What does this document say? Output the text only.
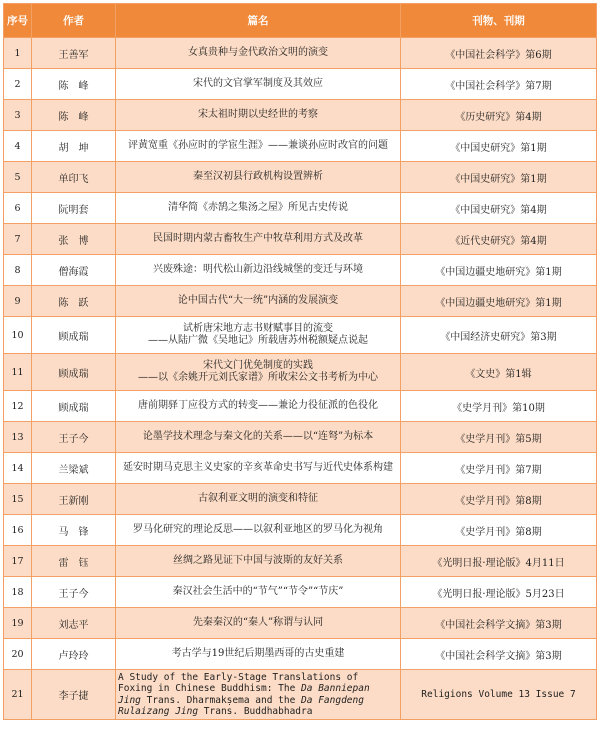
序号	作者	篇名	刊物、刊期
1	王善军	女真贵种与金代政治文明的演变	《中国社会科学》第6期
2	陈　峰	宋代的文官掌军制度及其效应	《中国社会科学》第7期
3	陈　峰	宋太祖时期以史经世的考察	《历史研究》第4期
4	胡　坤	评黄宽重《孙应时的学宦生涯》——兼谈孙应时改官的问题	《中国史研究》第1期
5	单印飞	秦至汉初县行政机构设置辨析	《中国史研究》第1期
6	阮明套	清华简《赤鹄之集汤之屋》所见古史传说	《中国史研究》第4期
7	张　博	民国时期内蒙古畜牧生产中牧草利用方式及改革	《近代史研究》第4期
8	僧海霞	兴废殊途：明代松山新边沿线城堡的变迁与环境	《中国边疆史地研究》第1期
9	陈　跃	论中国古代“大一统”内涵的发展演变	《中国边疆史地研究》第1期
10	顾成瑞	试析唐宋地方志书财赋事目的流变
——从陆广微《吴地记》所载唐苏州税额疑点说起	《中国经济史研究》第3期
11	顾成瑞	宋代文门优免制度的实践
——以《余姚开元刘氏家谱》所收宋公文书考析为中心	《文史》第1辑
12	顾成瑞	唐前期驿丁应役方式的转变——兼论力役征派的色役化	《史学月刊》第10期
13	王子今	论墨学技术理念与秦文化的关系——以“连弩”为标本	《史学月刊》第5期
14	兰梁斌	延安时期马克思主义史家的辛亥革命史书写与近代史体系构建	《史学月刊》第7期
15	王新刚	古叙利亚文明的演变和特征	《史学月刊》第8期
16	马　锋	罗马化研究的理论反思——以叙利亚地区的罗马化为视角	《史学月刊》第8期
17	雷　钰	丝绸之路见证下中国与波斯的友好关系	《光明日报·理论版》4月11日
18	王子今	秦汉社会生活中的“节气”“节令”“节庆”	《光明日报·理论版》5月23日
19	刘志平	先秦秦汉的“秦人”称谓与认同	《中国社会科学文摘》第3期
20	卢玲玲	考古学与19世纪后期墨西哥的古史重建	《中国社会科学文摘》第3期
21	李子捷	A Study of the Early-Stage Translations of Foxing in Chinese Buddhism: The Da Banniepan Jing Trans. Dharmakṣema and the Da Fangdeng Rulaizang Jing Trans. Buddhabhadra	Religions Volume 13 Issue 7
